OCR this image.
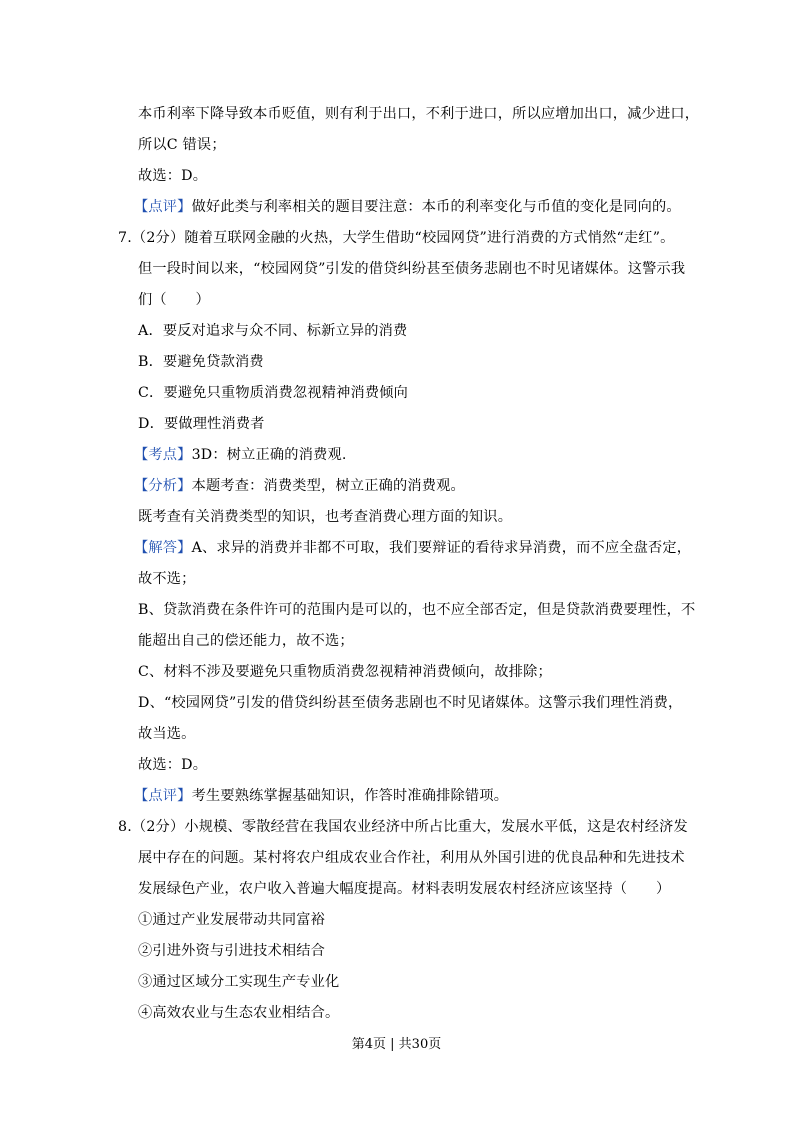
本币利率下降导致本币贬值，则有利于出口，不利于进口，所以应增加出口，减少进口，
所以C 错误；
故选：D。
【点评】做好此类与利率相关的题目要注意：本币的利率变化与币值的变化是同向的。
7.（2分）随着互联网金融的火热，大学生借助“校园网贷”进行消费的方式悄然“走红”。
但一段时间以来，“校园网贷”引发的借贷纠纷甚至债务悲剧也不时见诸媒体。这警示我
们（　　）
A．要反对追求与众不同、标新立异的消费
B．要避免贷款消费
C．要避免只重物质消费忽视精神消费倾向
D．要做理性消费者
【考点】3D：树立正确的消费观.
【分析】本题考查：消费类型，树立正确的消费观。
既考查有关消费类型的知识，也考查消费心理方面的知识。
【解答】A、求异的消费并非都不可取，我们要辩证的看待求异消费，而不应全盘否定，
故不选；
B、贷款消费在条件许可的范围内是可以的，也不应全部否定，但是贷款消费要理性，不
能超出自己的偿还能力，故不选；
C、材料不涉及要避免只重物质消费忽视精神消费倾向，故排除；
D、“校园网贷”引发的借贷纠纷甚至债务悲剧也不时见诸媒体。这警示我们理性消费，
故当选。
故选：D。
【点评】考生要熟练掌握基础知识，作答时准确排除错项。
8.（2分）小规模、零散经营在我国农业经济中所占比重大，发展水平低，这是农村经济发
展中存在的问题。某村将农户组成农业合作社，利用从外国引进的优良品种和先进技术
发展绿色产业，农户收入普遍大幅度提高。材料表明发展农村经济应该坚持（　　）
①通过产业发展带动共同富裕
②引进外资与引进技术相结合
③通过区域分工实现生产专业化
④高效农业与生态农业相结合。
第4页 | 共30页
